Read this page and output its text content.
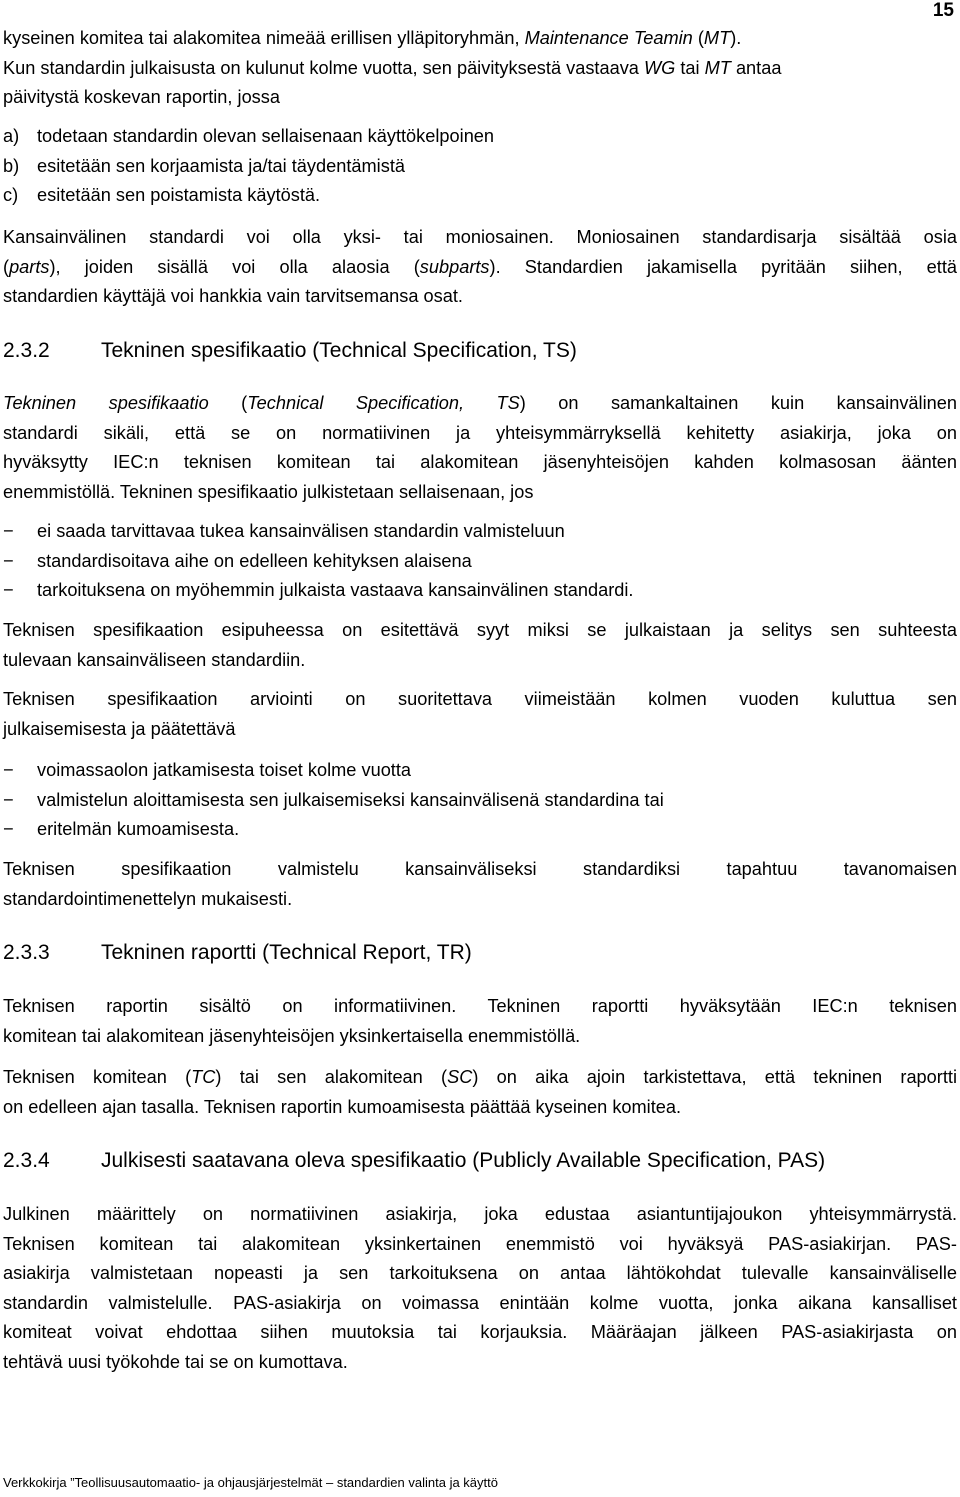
15

kyseinen komitea tai alakomitea nimeää erillisen ylläpitoryhmän, Maintenance Teamin (MT).
Kun standardin julkaisusta on kulunut kolme vuotta, sen päivityksestä vastaava WG tai MT antaa
päivitystä koskevan raportin, jossa

a) todetaan standardin olevan sellaisenaan käyttökelpoinen
b) esitetään sen korjaamista ja/tai täydentämistä
c) esitetään sen poistamista käytöstä.

Kansainvälinen standardi voi olla yksi- tai moniosainen. Moniosainen standardisarja sisältää osia
(parts), joiden sisällä voi olla alaosia (subparts). Standardien jakamisella pyritään siihen, että
standardien käyttäjä voi hankkia vain tarvitsemansa osat.

2.3.2 Tekninen spesifikaatio (Technical Specification, TS)

Tekninen spesifikaatio (Technical Specification, TS) on samankaltainen kuin kansainvälinen
standardi sikäli, että se on normatiivinen ja yhteisymmärryksellä kehitetty asiakirja, joka on
hyväksytty IEC:n teknisen komitean tai alakomitean jäsenyhteisöjen kahden kolmasosan äänten
enemmistöllä. Tekninen spesifikaatio julkistetaan sellaisenaan, jos

− ei saada tarvittavaa tukea kansainvälisen standardin valmisteluun
− standardisoitava aihe on edelleen kehityksen alaisena
− tarkoituksena on myöhemmin julkaista vastaava kansainvälinen standardi.

Teknisen spesifikaation esipuheessa on esitettävä syyt miksi se julkaistaan ja selitys sen suhteesta
tulevaan kansainväliseen standardiin.

Teknisen spesifikaation arviointi on suoritettava viimeistään kolmen vuoden kuluttua sen
julkaisemisesta ja päätettävä

− voimassaolon jatkamisesta toiset kolme vuotta
− valmistelun aloittamisesta sen julkaisemiseksi kansainvälisenä standardina tai
− eritelmän kumoamisesta.

Teknisen spesifikaation valmistelu kansainväliseksi standardiksi tapahtuu tavanomaisen
standardointimenettelyn mukaisesti.

2.3.3 Tekninen raportti (Technical Report, TR)

Teknisen raportin sisältö on informatiivinen. Tekninen raportti hyväksytään IEC:n teknisen
komitean tai alakomitean jäsenyhteisöjen yksinkertaisella enemmistöllä.

Teknisen komitean (TC) tai sen alakomitean (SC) on aika ajoin tarkistettava, että tekninen raportti
on edelleen ajan tasalla. Teknisen raportin kumoamisesta päättää kyseinen komitea.

2.3.4 Julkisesti saatavana oleva spesifikaatio (Publicly Available Specification, PAS)

Julkinen määrittely on normatiivinen asiakirja, joka edustaa asiantuntijajoukon yhteisymmärrystä.
Teknisen komitean tai alakomitean yksinkertainen enemmistö voi hyväksyä PAS-asiakirjan. PAS-
asiakirja valmistetaan nopeasti ja sen tarkoituksena on antaa lähtökohdat tulevalle kansainväliselle
standardin valmistelulle. PAS-asiakirja on voimassa enintään kolme vuotta, jonka aikana kansalliset
komiteat voivat ehdottaa siihen muutoksia tai korjauksia. Määräajan jälkeen PAS-asiakirjasta on
tehtävä uusi työkohde tai se on kumottava.

Verkkokirja ”Teollisuusautomaatio- ja ohjausjärjestelmät – standardien valinta ja käyttö
